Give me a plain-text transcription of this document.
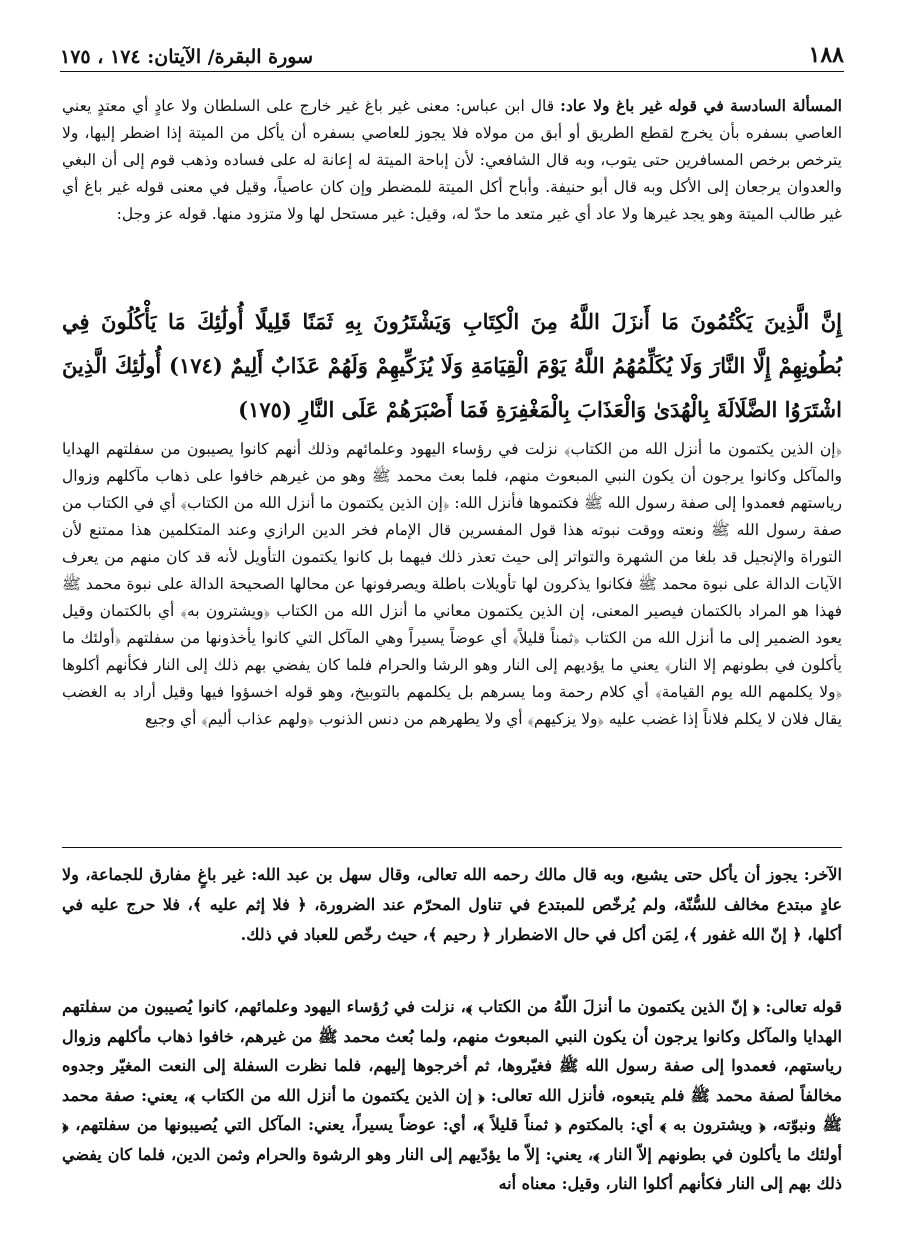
١٨٨
سورة البقرة/ الآيتان: ١٧٤ ، ١٧٥

المسألة السادسة في قوله غير باغ ولا عاد: قال ابن عباس: معنى غير باغ غير خارج على السلطان ولا عادٍ أي معتدٍ يعني العاصي بسفره بأن يخرج لقطع الطريق أو أبق من مولاه فلا يجوز للعاصي بسفره أن يأكل من الميتة إذا اضطر إليها، ولا يترخص برخص المسافرين حتى يتوب، وبه قال الشافعي: لأن إباحة الميتة له إعانة له على فساده وذهب قوم إلى أن البغي والعدوان يرجعان إلى الأكل وبه قال أبو حنيفة. وأباح أكل الميتة للمضطر وإن كان عاصياً، وقيل في معنى قوله غير باغ أي غير طالب الميتة وهو يجد غيرها ولا عاد أي غير متعد ما حدّ له، وقيل: غير مستحل لها ولا متزود منها. قوله عز وجل:

إِنَّ الَّذِينَ يَكْتُمُونَ مَا أَنزَلَ اللَّهُ مِنَ الْكِتَابِ وَيَشْتَرُونَ بِهِ ثَمَنًا قَلِيلًا أُولَٰئِكَ مَا يَأْكُلُونَ فِي بُطُونِهِمْ إِلَّا النَّارَ وَلَا يُكَلِّمُهُمُ اللَّهُ يَوْمَ الْقِيَامَةِ وَلَا يُزَكِّيهِمْ وَلَهُمْ عَذَابٌ أَلِيمٌ (١٧٤) أُولَٰئِكَ الَّذِينَ اشْتَرَوُا الضَّلَالَةَ بِالْهُدَىٰ وَالْعَذَابَ بِالْمَغْفِرَةِ فَمَا أَصْبَرَهُمْ عَلَى النَّارِ (١٧٥)

﴿إن الذين يكتمون ما أنزل الله من الكتاب﴾ نزلت في رؤساء اليهود وعلمائهم وذلك أنهم كانوا يصيبون من سفلتهم الهدايا والمآكل وكانوا يرجون أن يكون النبي المبعوث منهم، فلما بعث محمد ﷺ وهو من غيرهم خافوا على ذهاب مآكلهم وزوال رياستهم فعمدوا إلى صفة رسول الله ﷺ فكتموها فأنزل الله: ﴿إن الذين يكتمون ما أنزل الله من الكتاب﴾ أي في الكتاب من صفة رسول الله ﷺ ونعته ووقت نبوته هذا قول المفسرين قال الإمام فخر الدين الرازي وعند المتكلمين هذا ممتنع لأن التوراة والإنجيل قد بلغا من الشهرة والتواتر إلى حيث تعذر ذلك فيهما بل كانوا يكتمون التأويل لأنه قد كان منهم من يعرف الآيات الدالة على نبوة محمد ﷺ فكانوا يذكرون لها تأويلات باطلة ويصرفونها عن محالها الصحيحة الدالة على نبوة محمد ﷺ فهذا هو المراد بالكتمان فيصير المعنى، إن الذين يكتمون معاني ما أنزل الله من الكتاب ﴿ويشترون به﴾ أي بالكتمان وقيل يعود الضمير إلى ما أنزل الله من الكتاب ﴿ثمناً قليلاً﴾ أي عوضاً يسيراً وهي المآكل التي كانوا يأخذونها من سفلتهم ﴿أولئك ما يأكلون في بطونهم إلا النار﴾ يعني ما يؤديهم إلى النار وهو الرشا والحرام فلما كان يفضي بهم ذلك إلى النار فكأنهم أكلوها ﴿ولا يكلمهم الله يوم القيامة﴾ أي كلام رحمة وما يسرهم بل يكلمهم بالتوبيخ، وهو قوله اخسؤوا فيها وقيل أراد به الغضب يقال فلان لا يكلم فلاناً إذا غضب عليه ﴿ولا يزكيهم﴾ أي ولا يطهرهم من دنس الذنوب ﴿ولهم عذاب أليم﴾ أي وجيع

الآخر: يجوز أن يأكل حتى يشبع، وبه قال مالك رحمه الله تعالى، وقال سهل بن عبد الله: غير باغٍ مفارق للجماعة، ولا عادٍ مبتدع مخالف للسُّنّة، ولم يُرخّص للمبتدع في تناول المحرّم عند الضرورة، ﴿ فلا إثم عليه ﴾، فلا حرج عليه في أكلها، ﴿ إنّ الله غفور ﴾، لِمَن أكل في حال الاضطرار ﴿ رحيم ﴾، حيث رخّص للعباد في ذلك.

قوله تعالى: ﴿ إنّ الذين يكتمون ما أنزلَ اللّهُ من الكتاب ﴾، نزلت في رُؤساء اليهود وعلمائهم، كانوا يُصيبون من سفلتهم الهدايا والمآكل وكانوا يرجون أن يكون النبي المبعوث منهم، ولما بُعث محمد ﷺ من غيرهم، خافوا ذهاب مأكلهم وزوال رياستهم، فعمدوا إلى صفة رسول الله ﷺ فغيّروها، ثم أخرجوها إليهم، فلما نظرت السفلة إلى النعت المغيّر وجدوه مخالفاً لصفة محمد ﷺ فلم يتبعوه، فأنزل الله تعالى: ﴿ إن الذين يكتمون ما أنزل الله من الكتاب ﴾، يعني: صفة محمد ﷺ ونبوّته، ﴿ ويشترون به ﴾ أي: بالمكتوم ﴿ ثمناً قليلاً ﴾، أي: عوضاً يسيراً، يعني: المآكل التي يُصيبونها من سفلتهم، ﴿ أولئك ما يأكلون في بطونهم إلاّ النار ﴾، يعني: إلاّ ما يؤدّيهم إلى النار وهو الرشوة والحرام وثمن الدين، فلما كان يفضي ذلك بهم إلى النار فكأنهم أكلوا النار، وقيل: معناه أنه
